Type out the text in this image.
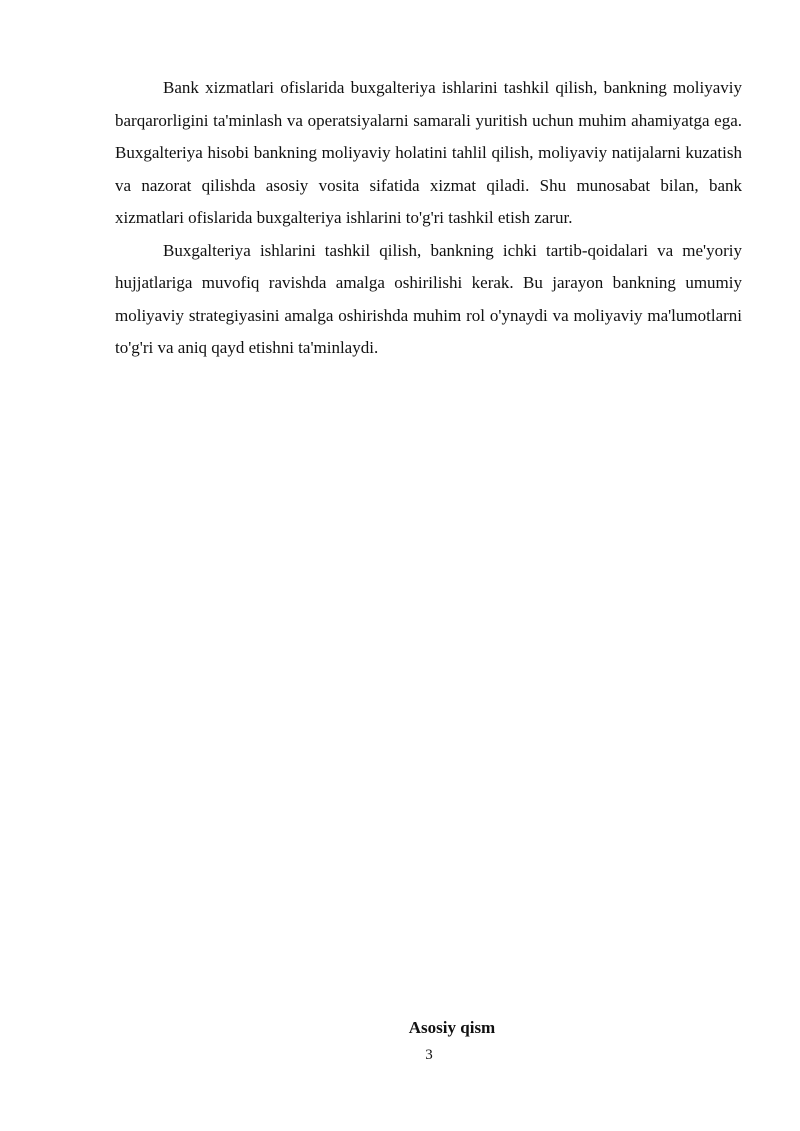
Bank xizmatlari ofislarida buxgalteriya ishlarini tashkil qilish, bankning moliyaviy barqarorligini ta'minlash va operatsiyalarni samarali yuritish uchun muhim ahamiyatga ega. Buxgalteriya hisobi bankning moliyaviy holatini tahlil qilish, moliyaviy natijalarni kuzatish va nazorat qilishda asosiy vosita sifatida xizmat qiladi. Shu munosabat bilan, bank xizmatlari ofislarida buxgalteriya ishlarini to'g'ri tashkil etish zarur.

Buxgalteriya ishlarini tashkil qilish, bankning ichki tartib-qoidalari va me'yoriy hujjatlariga muvofiq ravishda amalga oshirilishi kerak. Bu jarayon bankning umumiy moliyaviy strategiyasini amalga oshirishda muhim rol o'ynaydi va moliyaviy ma'lumotlarni to'g'ri va aniq qayd etishni ta'minlaydi.

Asosiy qism

3
